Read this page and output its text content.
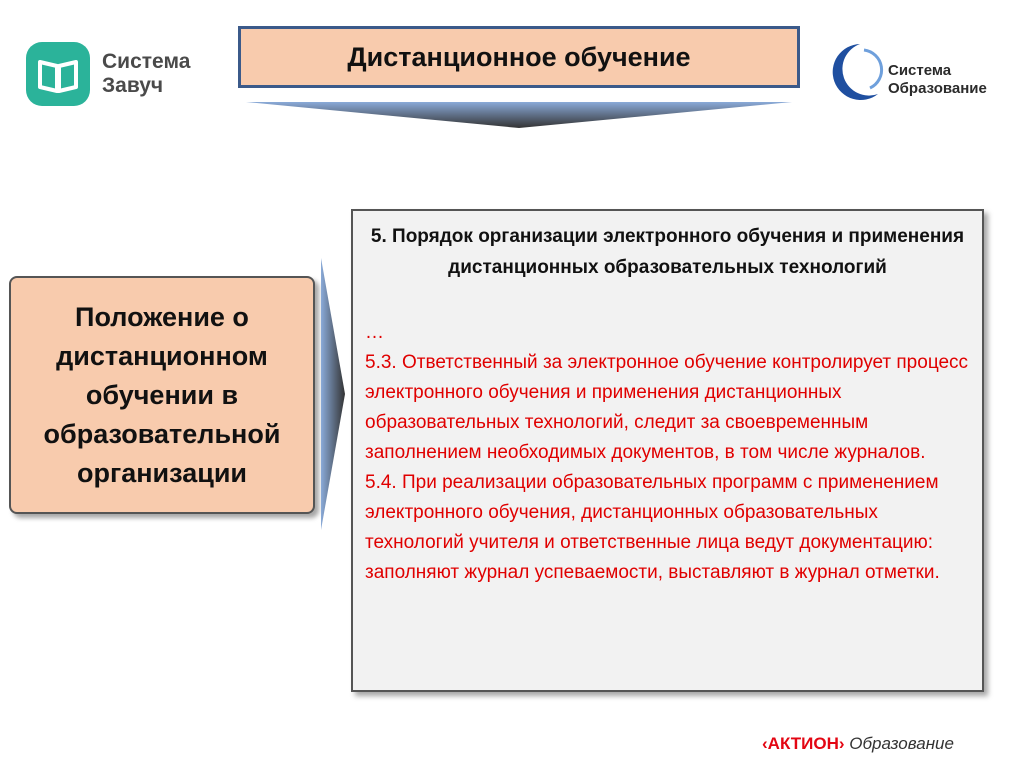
Система
Завуч
Дистанционное обучение	Система
Образование
Положение о дистанционном обучении в образовательной организации
5. Порядок организации электронного обучения и применения дистанционных образовательных технологий

…

5.3. Ответственный за электронное обучение контролирует процесс электронного обучения и применения дистанционных образовательных технологий, следит за своевременным заполнением необходимых документов, в том числе журналов.

5.4. При реализации образовательных программ с применением электронного обучения, дистанционных образовательных технологий учителя и ответственные лица ведут документацию: заполняют журнал успеваемости, выставляют в журнал отметки.

‹АКТИОН› Образование
